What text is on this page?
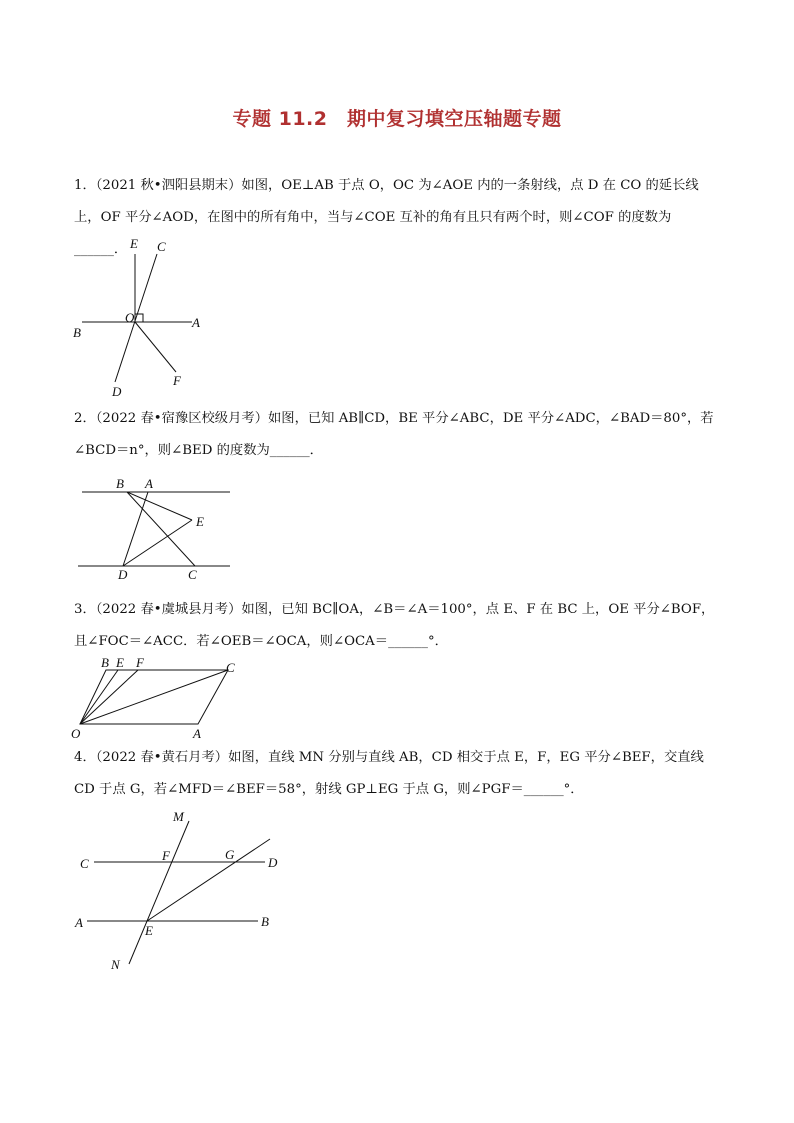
专题 11.2　期中复习填空压轴题专题
1．（2021 秋•泗阳县期末）如图，OE⊥AB 于点 O，OC 为∠AOE 内的一条射线，点 D 在 CO 的延长线上，OF 平分∠AOD，在图中的所有角中，当与∠COE 互补的角有且只有两个时，则∠COF 的度数为 ______． E C
O	A
B
D
F
2．（2022 春•宿豫区校级月考）如图，已知 AB∥CD，BE 平分∠ABC，DE 平分∠ADC，∠BAD＝80°，若∠BCD＝n°，则∠BED 的度数为______．
B A
E
D	C
3．（2022 春•虞城县月考）如图，已知 BC∥OA，∠B＝∠A＝100°，点 E、F 在 BC 上，OE 平分∠BOF，且∠FOC＝∠ACC．若∠OEB＝∠OCA，则∠OCA＝______°．
B E F	C
O	A
4．（2022 春•黄石月考）如图，直线 MN 分别与直线 AB，CD 相交于点 E，F，EG 平分∠BEF，交直线 CD 于点 G，若∠MFD＝∠BEF＝58°，射线 GP⊥EG 于点 G，则∠PGF＝______°．
M
C
F	G
D
A
E
B
N
